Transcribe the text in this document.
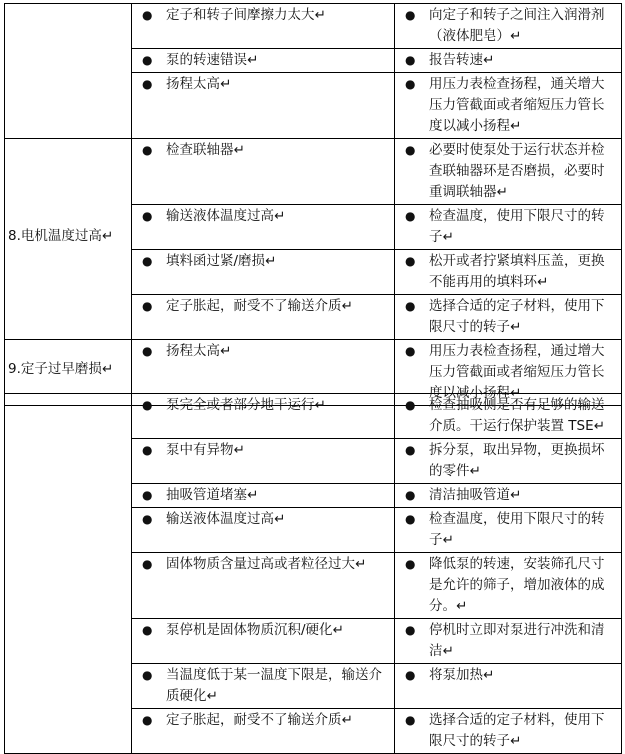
	● 定子和转子间摩擦力太大↵	● 向定子和转子之间注入润滑剂（液体肥皂）↵

	● 泵的转速错误↵	● 报告转速↵

	● 扬程太高↵	● 用压力表检查扬程，通关增大压力管截面或者缩短压力管长度以减小扬程↵

8.电机温度过高↵	● 检查联轴器↵	● 必要时使泵处于运行状态并检查联轴器环是否磨损，必要时重调联轴器↵

	● 输送液体温度过高↵	● 检查温度，使用下限尺寸的转子↵

	● 填料函过紧/磨损↵	● 松开或者拧紧填料压盖，更换不能再用的填料环↵

	● 定子胀起，耐受不了输送介质↵	● 选择合适的定子材料，使用下限尺寸的转子↵

9.定子过早磨损↵	● 扬程太高↵	● 用压力表检查扬程，通过增大压力管截面或者缩短压力管长度以减小扬程↵

	● 泵完全或者部分地干运行↵	● 检查抽吸侧是否有足够的输送介质。干运行保护装置 TSE↵

	● 泵中有异物↵	● 拆分泵，取出异物，更换损坏的零件↵

	● 抽吸管道堵塞↵	● 清洁抽吸管道↵

	● 输送液体温度过高↵	● 检查温度，使用下限尺寸的转子↵

	● 固体物质含量过高或者粒径过大↵	● 降低泵的转速，安装筛孔尺寸是允许的筛子，增加液体的成分。↵

	● 泵停机是固体物质沉积/硬化↵	● 停机时立即对泵进行冲洗和清洁↵

	● 当温度低于某一温度下限是，输送介质硬化↵	● 将泵加热↵

	● 定子胀起，耐受不了输送介质↵	● 选择合适的定子材料，使用下限尺寸的转子↵
